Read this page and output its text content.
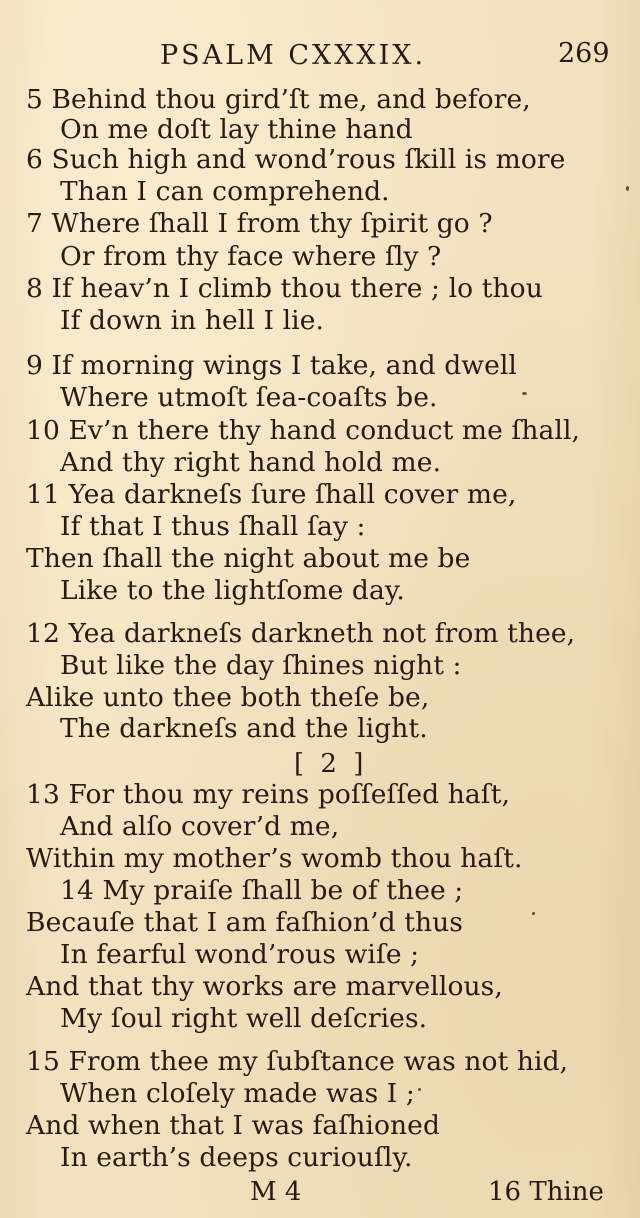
PSALM CXXXIX.	269
5 Behind thou gird’ſt me, and before,
On me doſt lay thine hand
6 Such high and wond’rous ſkill is more
Than I can comprehend.
7 Where ſhall I from thy ſpirit go ?
Or from thy face where ſly ?
8 If heav’n I climb thou there ; lo thou
If down in hell I lie.
9 If morning wings I take, and dwell
Where utmoſt ſea-coaſts be.
10 Ev’n there thy hand conduct me ſhall,
And thy right hand hold me.
11 Yea darkneſs ſure ſhall cover me,
If that I thus ſhall ſay :
Then ſhall the night about me be
Like to the lightſome day.
12 Yea darkneſs darkneth not from thee,
But like the day ſhines night :
Alike unto thee both theſe be,
The darkneſs and the light.
[ 2 ]
13 For thou my reins poſſeſſed haſt,
And alſo cover’d me,
Within my mother’s womb thou haſt.
14 My praiſe ſhall be of thee ;
Becauſe that I am faſhion’d thus
In fearful wond’rous wiſe ;
And that thy works are marvellous,
My ſoul right well deſcries.
15 From thee my ſubſtance was not hid,
When cloſely made was I ;
And when that I was faſhioned
In earth’s deeps curiouſly.
M 4	16 Thine
